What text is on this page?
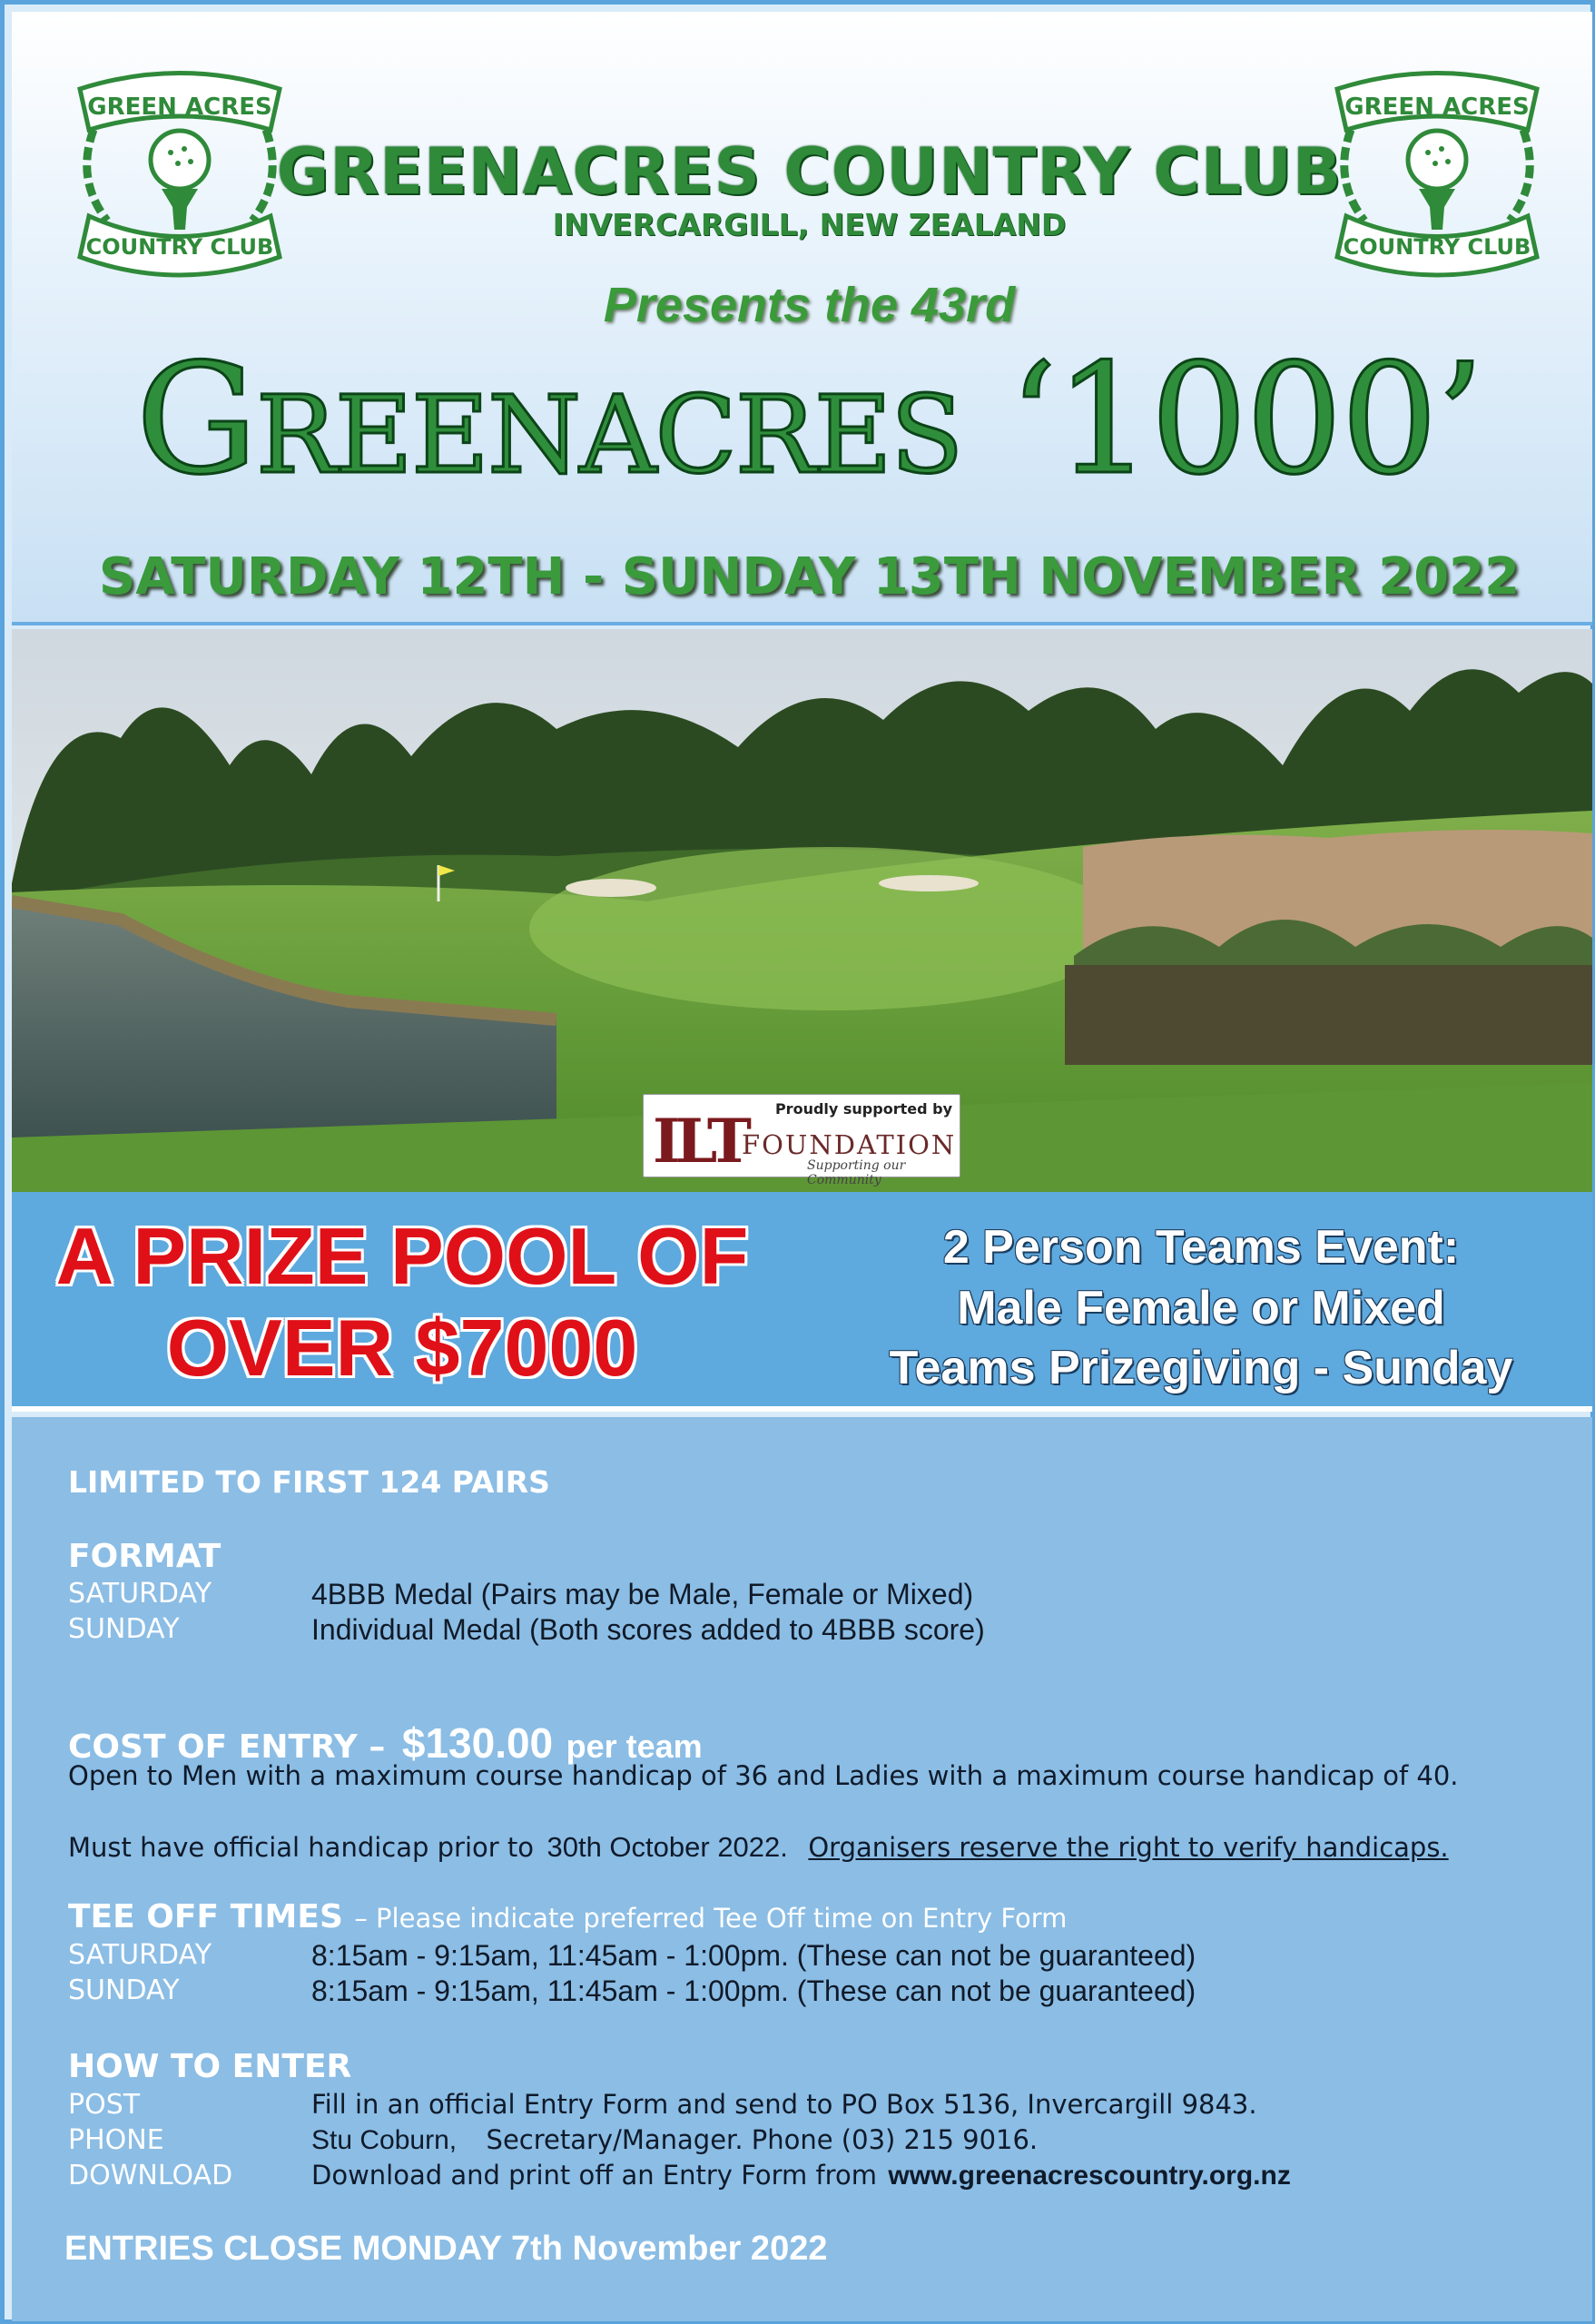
GREEN ACRES
COUNTRY CLUB
GREEN ACRES
COUNTRY CLUB
GREENACRES COUNTRY CLUB
INVERCARGILL, NEW ZEALAND
Presents the 43rd
Greenacres ‘1000’
SATURDAY 12TH - SUNDAY 13TH NOVEMBER 2022
Proudly supported by
ILT
FOUNDATION
Supporting our Community
A PRIZE POOL OF
OVER $7000
2 Person Teams Event:
Male Female or Mixed
Teams Prizegiving - Sunday
LIMITED TO FIRST 124 PAIRS
FORMAT
SATURDAY	4BBB Medal (Pairs may be Male, Female or Mixed)
SUNDAY	Individual Medal (Both scores added to 4BBB score)
COST OF ENTRY – $130.00 per team
Open to Men with a maximum course handicap of 36 and Ladies with a maximum course handicap of 40.
Must have official handicap prior to 30th October 2022. Organisers reserve the right to verify handicaps.
TEE OFF TIMES – Please indicate preferred Tee Off time on Entry Form
SATURDAY	8:15am - 9:15am, 11:45am - 1:00pm. (These can not be guaranteed)
SUNDAY	8:15am - 9:15am, 11:45am - 1:00pm. (These can not be guaranteed)
HOW TO ENTER
POST	Fill in an official Entry Form and send to PO Box 5136, Invercargill 9843.
PHONE	Stu Coburn, Secretary/Manager. Phone (03) 215 9016.
DOWNLOAD	Download and print off an Entry Form from www.greenacrescountry.org.nz
ENTRIES CLOSE MONDAY 7th November 2022
